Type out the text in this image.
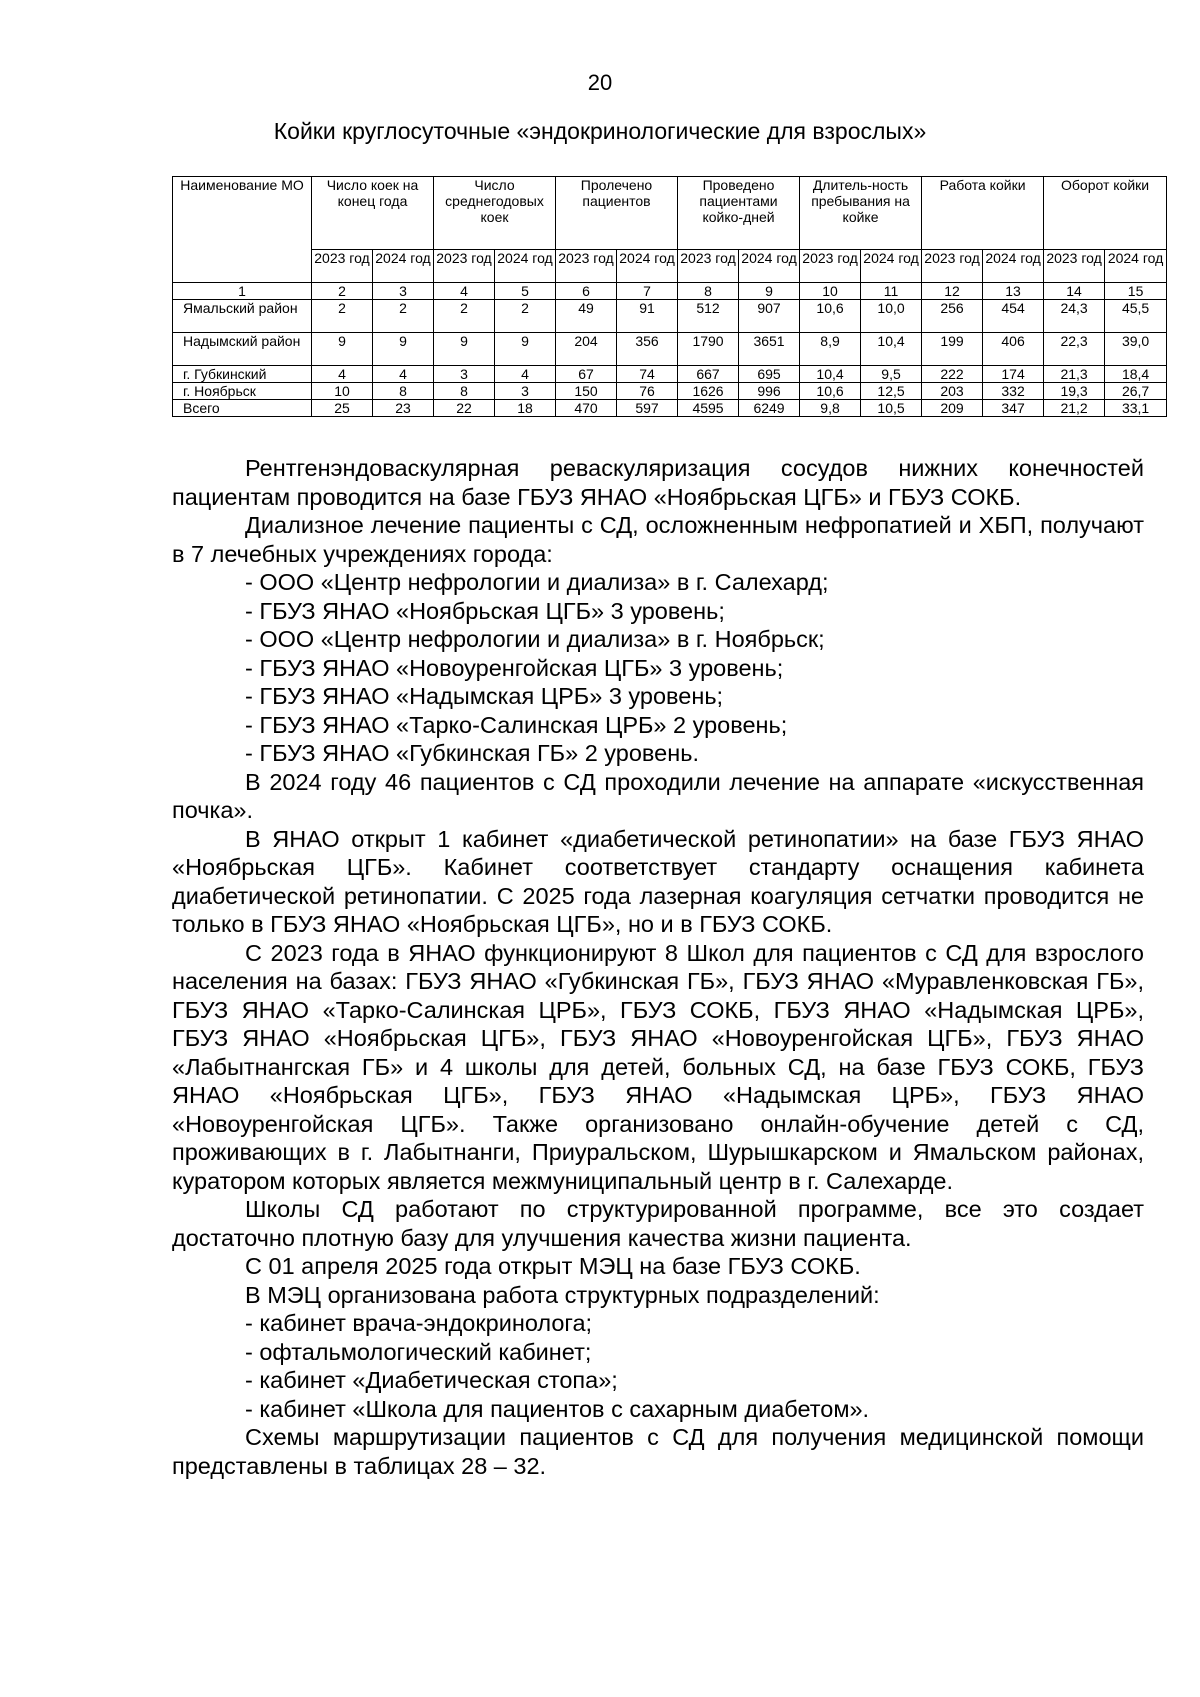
20
Койки круглосуточные «эндокринологические для взрослых»
Наименование МО	Число коек на конец года		Число среднегодовых коек		Пролечено пациентов		Проведено пациентами койко-дней		Длитель-ность пребывания на койке		Работа койки		Оборот койки	
	2023 год	2024 год	2023 год	2024 год	2023 год	2024 год	2023 год	2024 год	2023 год	2024 год	2023 год	2024 год	2023 год	2024 год
1	2	3	4	5	6	7	8	9	10	11	12	13	14	15
Ямальский район	2	2	2	2	49	91	512	907	10,6	10,0	256	454	24,3	45,5
Надымский район	9	9	9	9	204	356	1790	3651	8,9	10,4	199	406	22,3	39,0
г. Губкинский	4	4	3	4	67	74	667	695	10,4	9,5	222	174	21,3	18,4
г. Ноябрьск	10	8	8	3	150	76	1626	996	10,6	12,5	203	332	19,3	26,7
Всего	25	23	22	18	470	597	4595	6249	9,8	10,5	209	347	21,2	33,1

Рентгенэндоваскулярная реваскуляризация сосудов нижних конечностей пациентам проводится на базе ГБУЗ ЯНАО «Ноябрьская ЦГБ» и ГБУЗ СОКБ.

Диализное лечение пациенты с СД, осложненным нефропатией и ХБП, получают в 7 лечебных учреждениях города:

- ООО «Центр нефрологии и диализа» в г. Салехард;

- ГБУЗ ЯНАО «Ноябрьская ЦГБ» 3 уровень;

- ООО «Центр нефрологии и диализа» в г. Ноябрьск;

- ГБУЗ ЯНАО «Новоуренгойская ЦГБ» 3 уровень;

- ГБУЗ ЯНАО «Надымская ЦРБ» 3 уровень;

- ГБУЗ ЯНАО «Тарко-Салинская ЦРБ» 2 уровень;

- ГБУЗ ЯНАО «Губкинская ГБ» 2 уровень.

В 2024 году 46 пациентов с СД проходили лечение на аппарате «искусственная почка».

В ЯНАО открыт 1 кабинет «диабетической ретинопатии» на базе ГБУЗ ЯНАО «Ноябрьская ЦГБ». Кабинет соответствует стандарту оснащения кабинета диабетической ретинопатии. С 2025 года лазерная коагуляция сетчатки проводится не только в ГБУЗ ЯНАО «Ноябрьская ЦГБ», но и в ГБУЗ СОКБ.

С 2023 года в ЯНАО функционируют 8 Школ для пациентов с СД для взрослого населения на базах: ГБУЗ ЯНАО «Губкинская ГБ», ГБУЗ ЯНАО «Муравленковская ГБ», ГБУЗ ЯНАО «Тарко-Салинская ЦРБ», ГБУЗ СОКБ, ГБУЗ ЯНАО «Надымская ЦРБ», ГБУЗ ЯНАО «Ноябрьская ЦГБ», ГБУЗ ЯНАО «Новоуренгойская ЦГБ», ГБУЗ ЯНАО «Лабытнангская ГБ» и 4 школы для детей, больных СД, на базе ГБУЗ СОКБ, ГБУЗ ЯНАО «Ноябрьская ЦГБ», ГБУЗ ЯНАО «Надымская ЦРБ», ГБУЗ ЯНАО «Новоуренгойская ЦГБ». Также организовано онлайн-обучение детей с СД, проживающих в г. Лабытнанги, Приуральском, Шурышкарском и Ямальском районах, куратором которых является межмуниципальный центр в г. Салехарде.

Школы СД работают по структурированной программе, все это создает достаточно плотную базу для улучшения качества жизни пациента.

С 01 апреля 2025 года открыт МЭЦ на базе ГБУЗ СОКБ.

В МЭЦ организована работа структурных подразделений:

- кабинет врача-эндокринолога;

- офтальмологический кабинет;

- кабинет «Диабетическая стопа»;

- кабинет «Школа для пациентов с сахарным диабетом».

Схемы маршрутизации пациентов с СД для получения медицинской помощи представлены в таблицах 28 – 32.
